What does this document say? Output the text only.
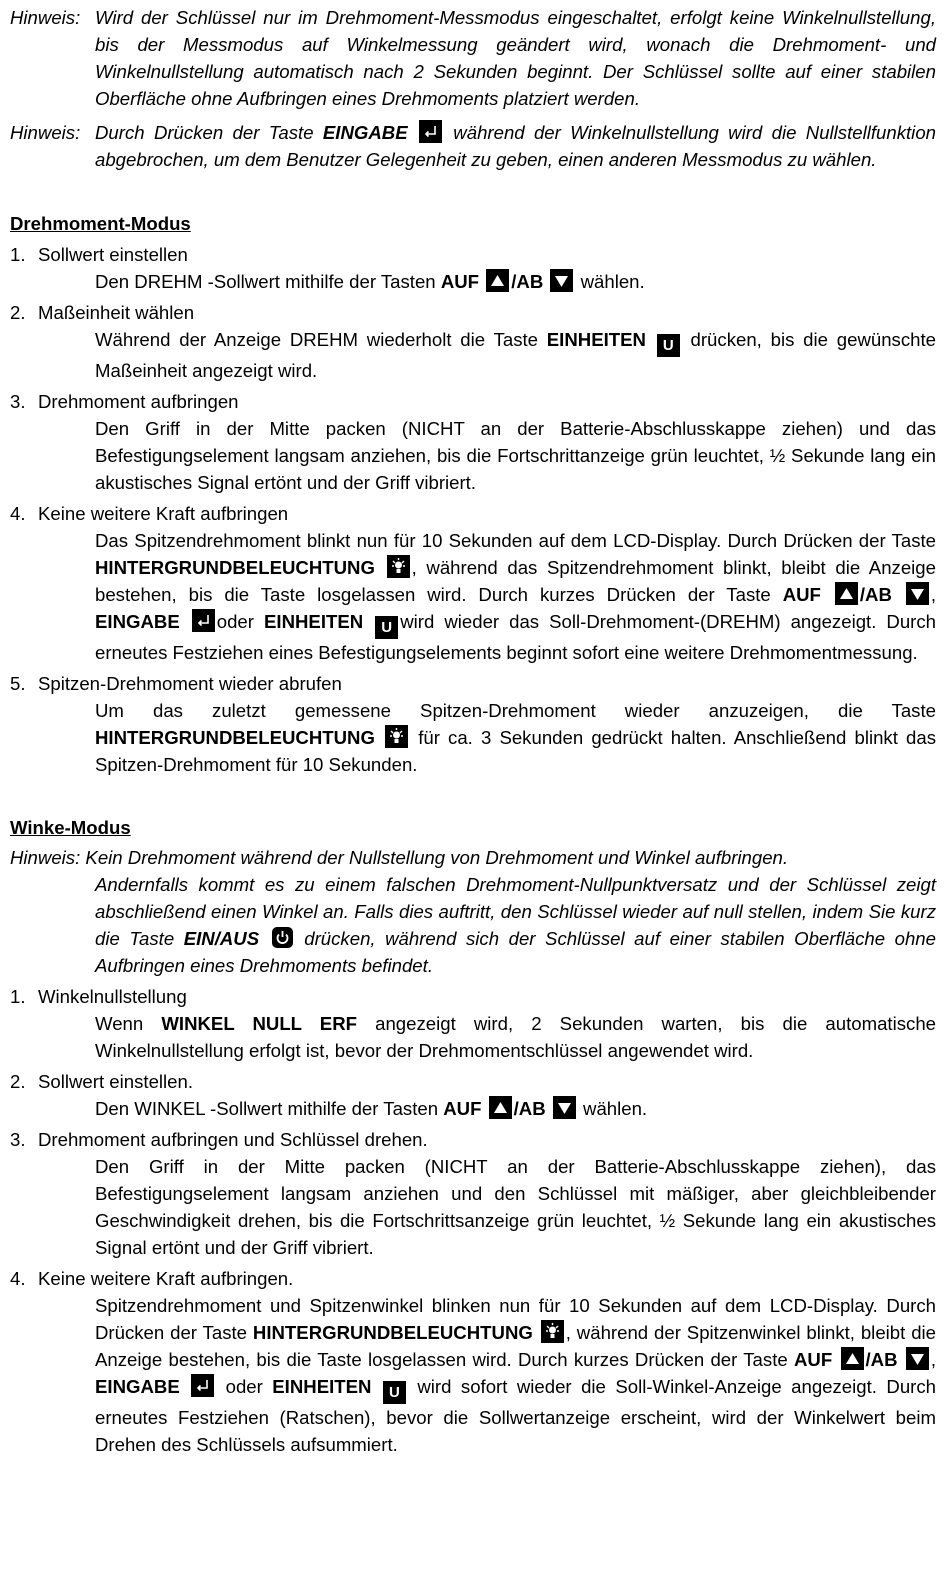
Hinweis: Wird der Schlüssel nur im Drehmoment-Messmodus eingeschaltet, erfolgt keine Winkelnullstellung, bis der Messmodus auf Winkelmessung geändert wird, wonach die Drehmoment- und Winkelnullstellung automatisch nach 2 Sekunden beginnt. Der Schlüssel sollte auf einer stabilen Oberfläche ohne Aufbringen eines Drehmoments platziert werden.
Hinweis: Durch Drücken der Taste EINGABE
während der Winkelnullstellung wird die Nullstellfunktion abgebrochen, um dem Benutzer Gelegenheit zu geben, einen anderen Messmodus zu wählen.
Drehmoment-Modus
1. Sollwert einstellen
Den DREHM -Sollwert mithilfe der Tasten AUF /AB
wählen.
2. Maßeinheit wählen
Während der Anzeige DREHM wiederholt die Taste EINHEITEN U drücken, bis die gewünschte Maßeinheit angezeigt wird.
3. Drehmoment aufbringen
Den Griff in der Mitte packen (NICHT an der Batterie-Abschlusskappe ziehen) und das Befestigungselement langsam anziehen, bis die Fortschrittanzeige grün leuchtet, ½ Sekunde lang ein akustisches Signal ertönt und der Griff vibriert.
4. Keine weitere Kraft aufbringen
Das Spitzendrehmoment blinkt nun für 10 Sekunden auf dem LCD-Display. Durch Drücken der Taste HINTERGRUNDBELEUCHTUNG , während das Spitzendrehmoment blinkt, bleibt die Anzeige bestehen, bis die Taste losgelassen wird. Durch kurzes Drücken der Taste AUF /AB , EINGABE oder EINHEITEN U wird wieder das Soll-Drehmoment-(DREHM) angezeigt. Durch erneutes Festziehen eines Befestigungselements beginnt sofort eine weitere Drehmomentmessung.
5. Spitzen-Drehmoment wieder abrufen
Um das zuletzt gemessene Spitzen-Drehmoment wieder anzuzeigen, die Taste HINTERGRUNDBELEUCHTUNG
für ca. 3 Sekunden gedrückt halten. Anschließend blinkt das Spitzen-Drehmoment für 10 Sekunden.
Winke-Modus
Hinweis: Kein Drehmoment während der Nullstellung von Drehmoment und Winkel aufbringen.
Andernfalls kommt es zu einem falschen Drehmoment-Nullpunktversatz und der Schlüssel zeigt abschließend einen Winkel an. Falls dies auftritt, den Schlüssel wieder auf null stellen, indem Sie kurz die Taste EIN/AUS
drücken, während sich der Schlüssel auf einer stabilen Oberfläche ohne Aufbringen eines Drehmoments befindet.
1. Winkelnullstellung
Wenn WINKEL NULL ERF angezeigt wird, 2 Sekunden warten, bis die automatische Winkelnullstellung erfolgt ist, bevor der Drehmomentschlüssel angewendet wird.
2. Sollwert einstellen.
Den WINKEL -Sollwert mithilfe der Tasten AUF /AB
wählen.
3. Drehmoment aufbringen und Schlüssel drehen.
Den Griff in der Mitte packen (NICHT an der Batterie-Abschlusskappe ziehen), das Befestigungselement langsam anziehen und den Schlüssel mit mäßiger, aber gleichbleibender Geschwindigkeit drehen, bis die Fortschrittsanzeige grün leuchtet, ½ Sekunde lang ein akustisches Signal ertönt und der Griff vibriert.
4. Keine weitere Kraft aufbringen.
Spitzendrehmoment und Spitzenwinkel blinken nun für 10 Sekunden auf dem LCD-Display. Durch Drücken der Taste HINTERGRUNDBELEUCHTUNG , während der Spitzenwinkel blinkt, bleibt die Anzeige bestehen, bis die Taste losgelassen wird. Durch kurzes Drücken der Taste AUF /AB , EINGABE
oder EINHEITEN U wird sofort wieder die Soll-Winkel-Anzeige angezeigt. Durch erneutes Festziehen (Ratschen), bevor die Sollwertanzeige erscheint, wird der Winkelwert beim Drehen des Schlüssels aufsummiert.
